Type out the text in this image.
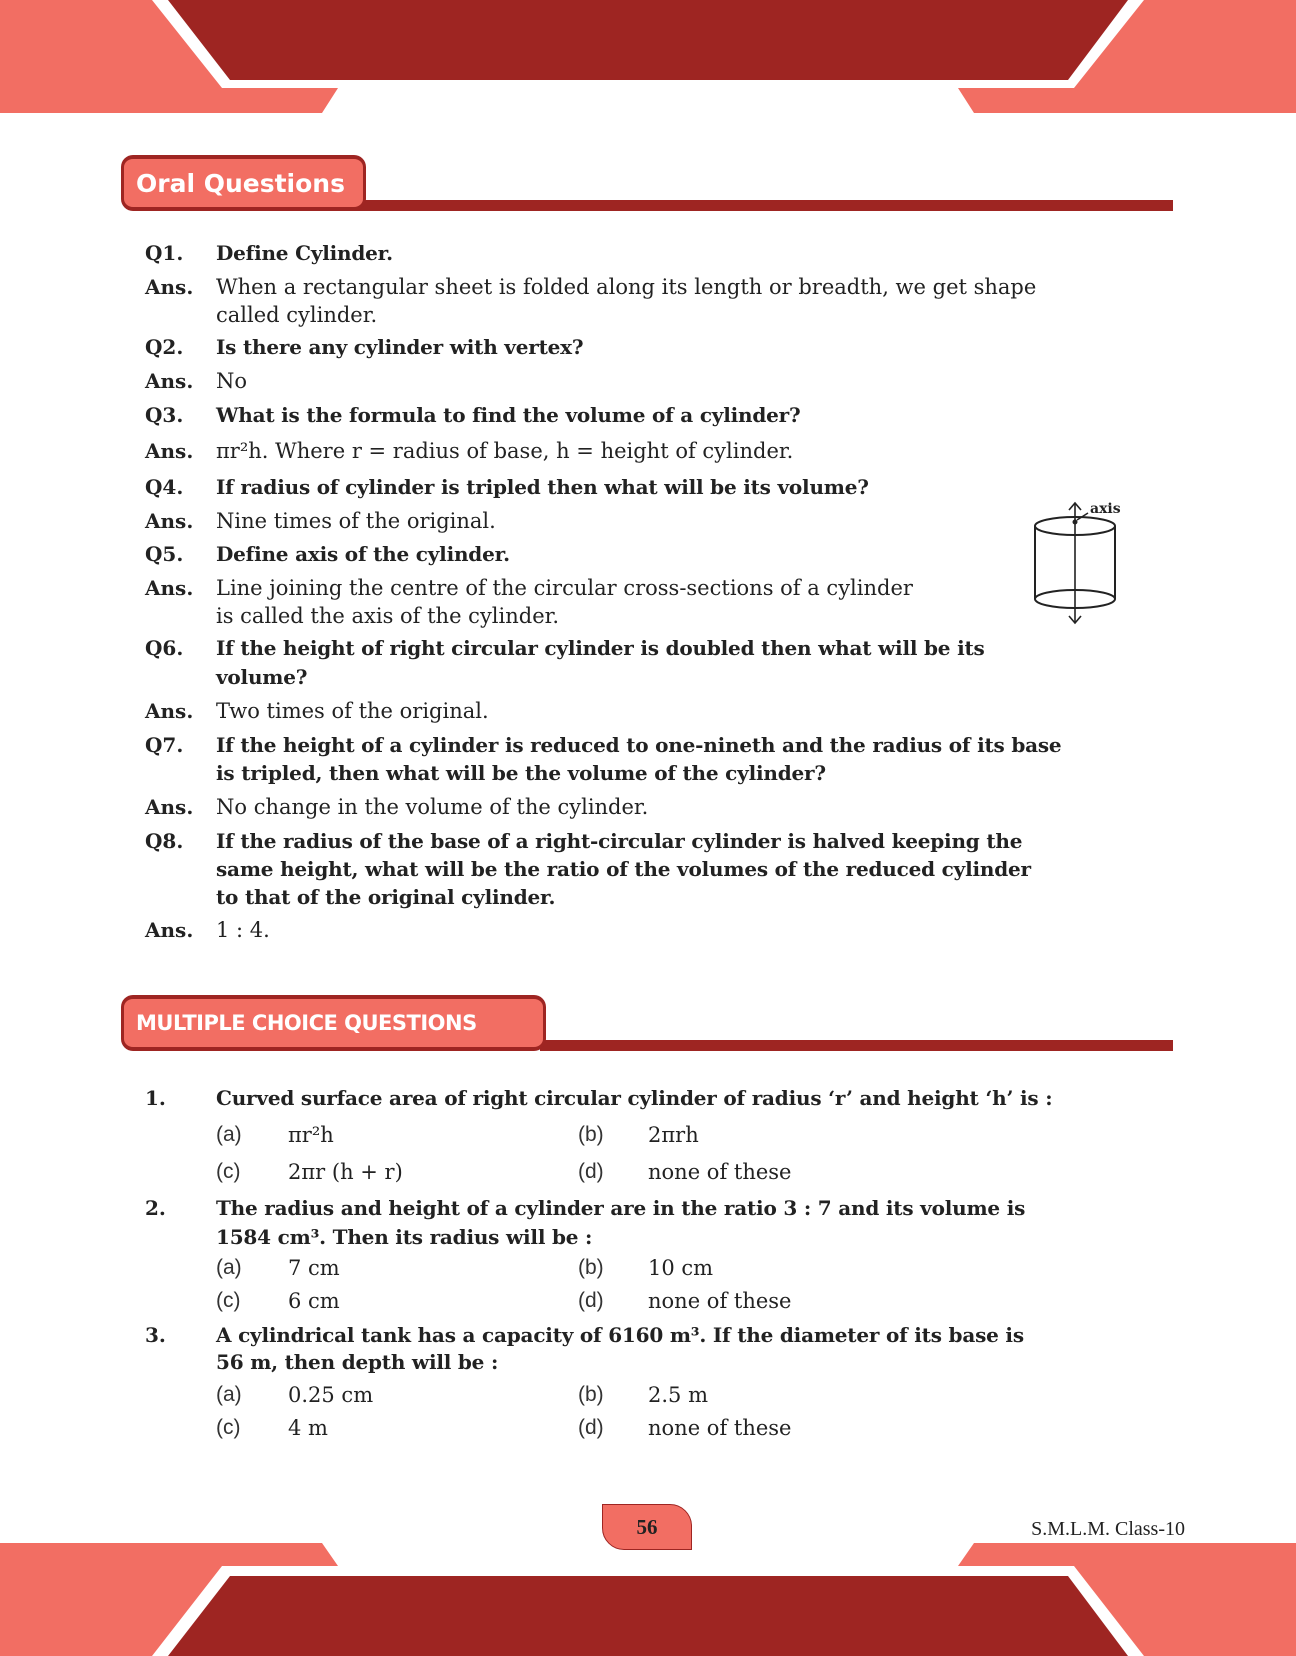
Oral Questions
Q1. Define Cylinder.
Ans. When a rectangular sheet is folded along its length or breadth, we get shape
called cylinder.
Q2. Is there any cylinder with vertex?
Ans. No
Q3. What is the formula to find the volume of a cylinder?
Ans. πr²h. Where r = radius of base, h = height of cylinder.
Q4. If radius of cylinder is tripled then what will be its volume?
Ans. Nine times of the original.
Q5. Define axis of the cylinder.
Ans. Line joining the centre of the circular cross-sections of a cylinder
is called the axis of the cylinder.
Q6. If the height of right circular cylinder is doubled then what will be its
volume?
Ans. Two times of the original.
Q7. If the height of a cylinder is reduced to one-nineth and the radius of its base
is tripled, then what will be the volume of the cylinder?
Ans. No change in the volume of the cylinder.
Q8. If the radius of the base of a right-circular cylinder is halved keeping the
same height, what will be the ratio of the volumes of the reduced cylinder
to that of the original cylinder.
Ans. 1 : 4.
axis
MULTIPLE CHOICE QUESTIONS
1.	Curved surface area of right circular cylinder of radius ‘r’ and height ‘h’ is :
(a) πr²h	(b) 2πrh
(c) 2πr (h + r)	(d) none of these
2.	The radius and height of a cylinder are in the ratio 3 : 7 and its volume is
1584 cm³. Then its radius will be :
(a) 7 cm	(b) 10 cm
(c) 6 cm	(d) none of these
3.	A cylindrical tank has a capacity of 6160 m³. If the diameter of its base is
56 m, then depth will be :
(a) 0.25 cm	(b) 2.5 m
(c) 4 m	(d) none of these
56	S.M.L.M. Class-10
